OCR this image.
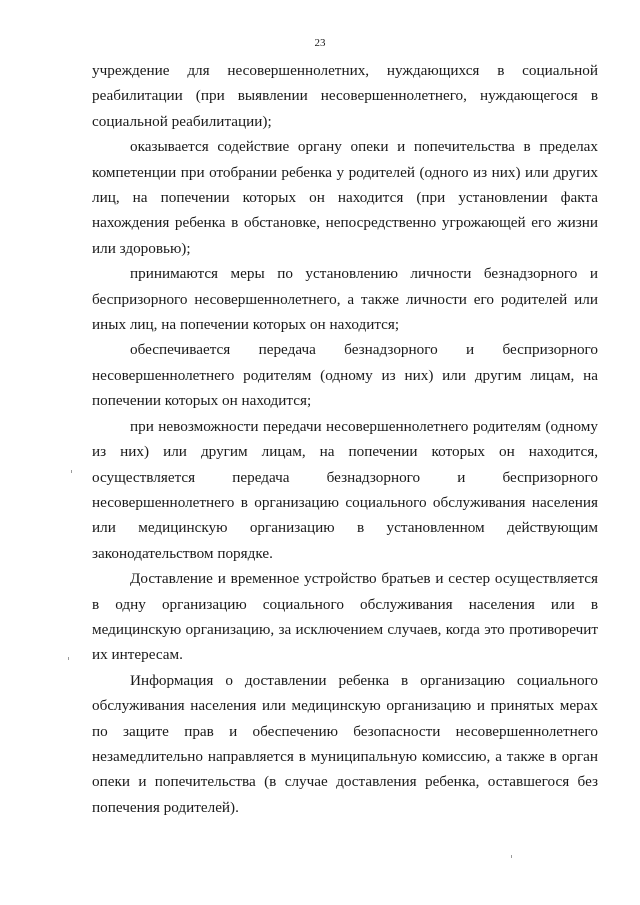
23

учреждение для несовершеннолетних, нуждающихся в социальной реабилитации (при выявлении несовершеннолетнего, нуждающегося в социальной реабилитации);

оказывается содействие органу опеки и попечительства в пределах компетенции при отобрании ребенка у родителей (одного из них) или других лиц, на попечении которых он находится (при установлении факта нахождения ребенка в обстановке, непосредственно угрожающей его жизни или здоровью);

принимаются меры по установлению личности безнадзорного и беспризорного несовершеннолетнего, а также личности его родителей или иных лиц, на попечении которых он находится;

обеспечивается передача безнадзорного и беспризорного несовершеннолетнего родителям (одному из них) или другим лицам, на попечении которых он находится;

при невозможности передачи несовершеннолетнего родителям (одному из них) или другим лицам, на попечении которых он находится, осуществляется передача безнадзорного и беспризорного несовершеннолетнего в организацию социального обслуживания населения или медицинскую организацию в установленном действующим законодательством порядке.

Доставление и временное устройство братьев и сестер осуществляется в одну организацию социального обслуживания населения или в медицинскую организацию, за исключением случаев, когда это противоречит их интересам.

Информация о доставлении ребенка в организацию социального обслуживания населения или медицинскую организацию и принятых мерах по защите прав и обеспечению безопасности несовершеннолетнего незамедлительно направляется в муниципальную комиссию, а также в орган опеки и попечительства (в случае доставления ребенка, оставшегося без попечения родителей).
